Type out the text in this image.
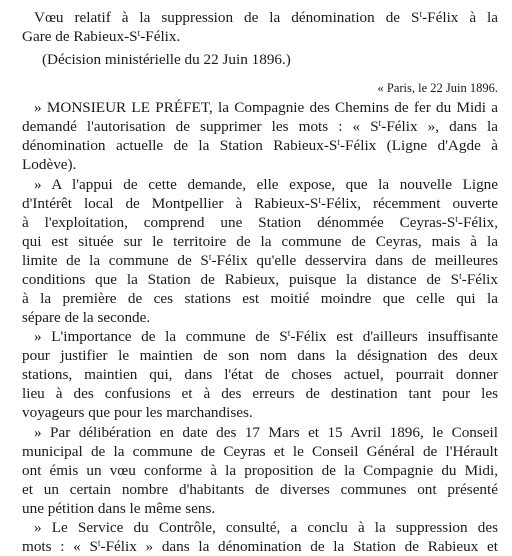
Vœu relatif à la suppression de la dénomination de $S^t$-Félix à la
Gare de Rabieux-$S^t$-Félix.
(Décision ministérielle du 22 Juin 1896.)
« Paris, le 22 Juin 1896.
» MONSIEUR LE PRÉFET, la Compagnie des Chemins de fer du Midi a
demandé l'autorisation de supprimer les mots : « $S^t$-Félix », dans la
dénomination actuelle de la Station Rabieux-$S^t$-Félix (Ligne d'Agde à
Lodève).
» A l'appui de cette demande, elle expose, que la nouvelle Ligne
d'Intérêt local de Montpellier à Rabieux-$S^t$-Félix, récemment ouverte
à l'exploitation, comprend une Station dénommée Ceyras-$S^t$-Félix,
qui est située sur le territoire de la commune de Ceyras, mais à la
limite de la commune de $S^t$-Félix qu'elle desservira dans de meilleures
conditions que la Station de Rabieux, puisque la distance de $S^t$-Félix
à la première de ces stations est moitié moindre que celle qui la
sépare de la seconde.
» L'importance de la commune de $S^t$-Félix est d'ailleurs insuffisante
pour justifier le maintien de son nom dans la désignation des deux
stations, maintien qui, dans l'état de choses actuel, pourrait donner
lieu à des confusions et à des erreurs de destination tant pour les
voyageurs que pour les marchandises.
» Par délibération en date des 17 Mars et 15 Avril 1896, le Conseil
municipal de la commune de Ceyras et le Conseil Général de l'Hérault
ont émis un vœu conforme à la proposition de la Compagnie du Midi,
et un certain nombre d'habitants de diverses communes ont présenté
une pétition dans le même sens.
» Le Service du Contrôle, consulté, a conclu à la suppression des
mots : « $S^t$-Félix » dans la dénomination de la Station de Rabieux et
